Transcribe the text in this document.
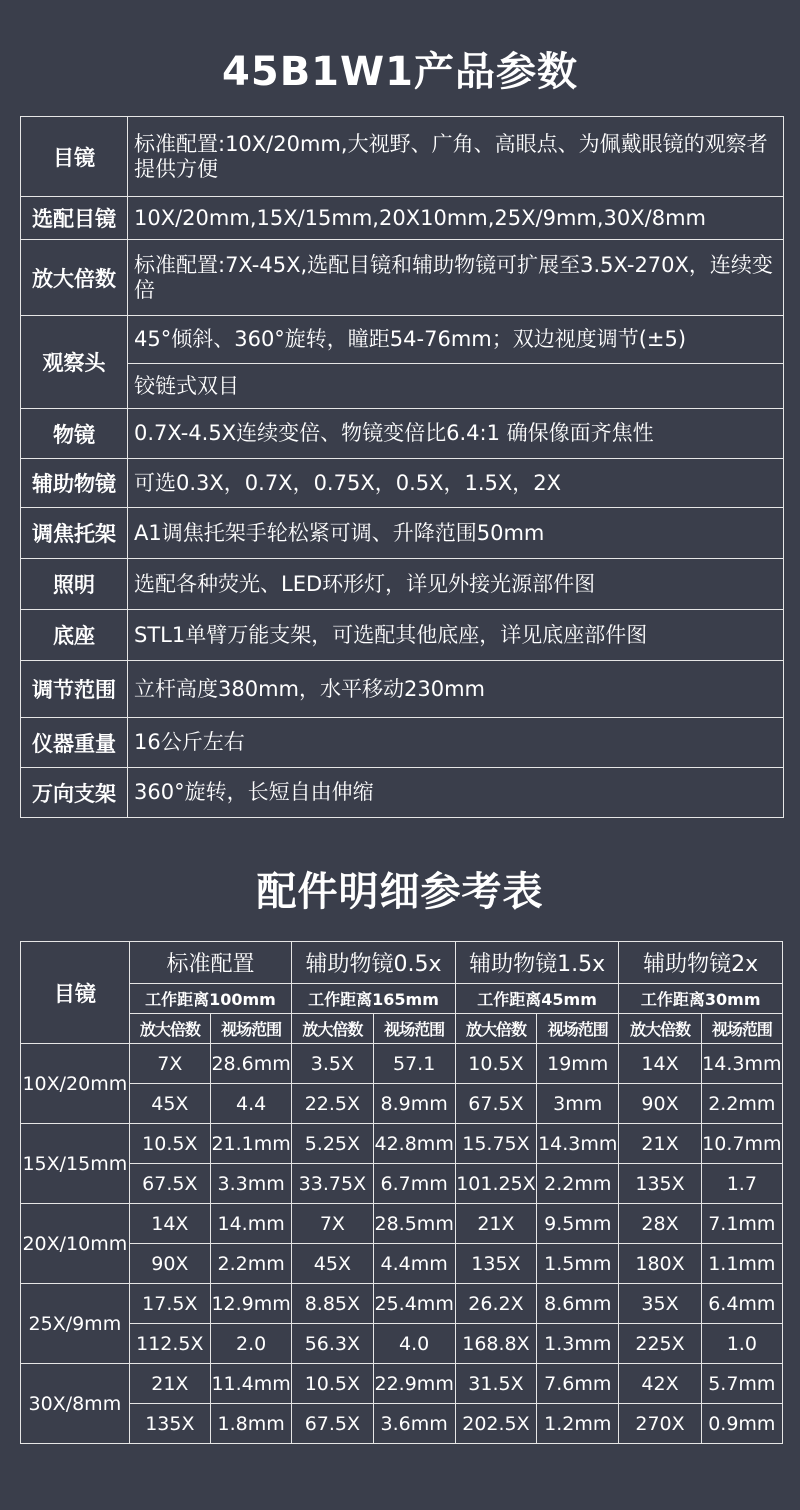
45B1W1产品参数
目镜	标准配置:10X/20mm,大视野、广角、高眼点、为佩戴眼镜的观察者提供方便
选配目镜	10X/20mm,15X/15mm,20X10mm,25X/9mm,30X/8mm
放大倍数	标准配置:7X-45X,选配目镜和辅助物镜可扩展至3.5X-270X，连续变倍
观察头	45°倾斜、360°旋转，瞳距54-76mm；双边视度调节(±5)
	铰链式双目
物镜	0.7X-4.5X连续变倍、物镜变倍比6.4:1 确保像面齐焦性
辅助物镜	可选0.3X，0.7X，0.75X，0.5X，1.5X，2X
调焦托架	A1调焦托架手轮松紧可调、升降范围50mm
照明	选配各种荧光、LED环形灯，详见外接光源部件图
底座	STL1单臂万能支架，可选配其他底座，详见底座部件图
调节范围	立杆高度380mm，水平移动230mm
仪器重量	16公斤左右
万向支架	360°旋转，长短自由伸缩
配件明细参考表
目镜	标准配置		辅助物镜0.5x		辅助物镜1.5x		辅助物镜2x	
	工作距离100mm		工作距离165mm		工作距离45mm		工作距离30mm	
	放大倍数	视场范围	放大倍数	视场范围	放大倍数	视场范围	放大倍数	视场范围
10X/20mm	7X	28.6mm	3.5X	57.1	10.5X	19mm	14X	14.3mm
	45X	4.4	22.5X	8.9mm	67.5X	3mm	90X	2.2mm
15X/15mm	10.5X	21.1mm	5.25X	42.8mm	15.75X	14.3mm	21X	10.7mm
	67.5X	3.3mm	33.75X	6.7mm	101.25X	2.2mm	135X	1.7
20X/10mm	14X	14.mm	7X	28.5mm	21X	9.5mm	28X	7.1mm
	90X	2.2mm	45X	4.4mm	135X	1.5mm	180X	1.1mm
25X/9mm	17.5X	12.9mm	8.85X	25.4mm	26.2X	8.6mm	35X	6.4mm
	112.5X	2.0	56.3X	4.0	168.8X	1.3mm	225X	1.0
30X/8mm	21X	11.4mm	10.5X	22.9mm	31.5X	7.6mm	42X	5.7mm
	135X	1.8mm	67.5X	3.6mm	202.5X	1.2mm	270X	0.9mm
